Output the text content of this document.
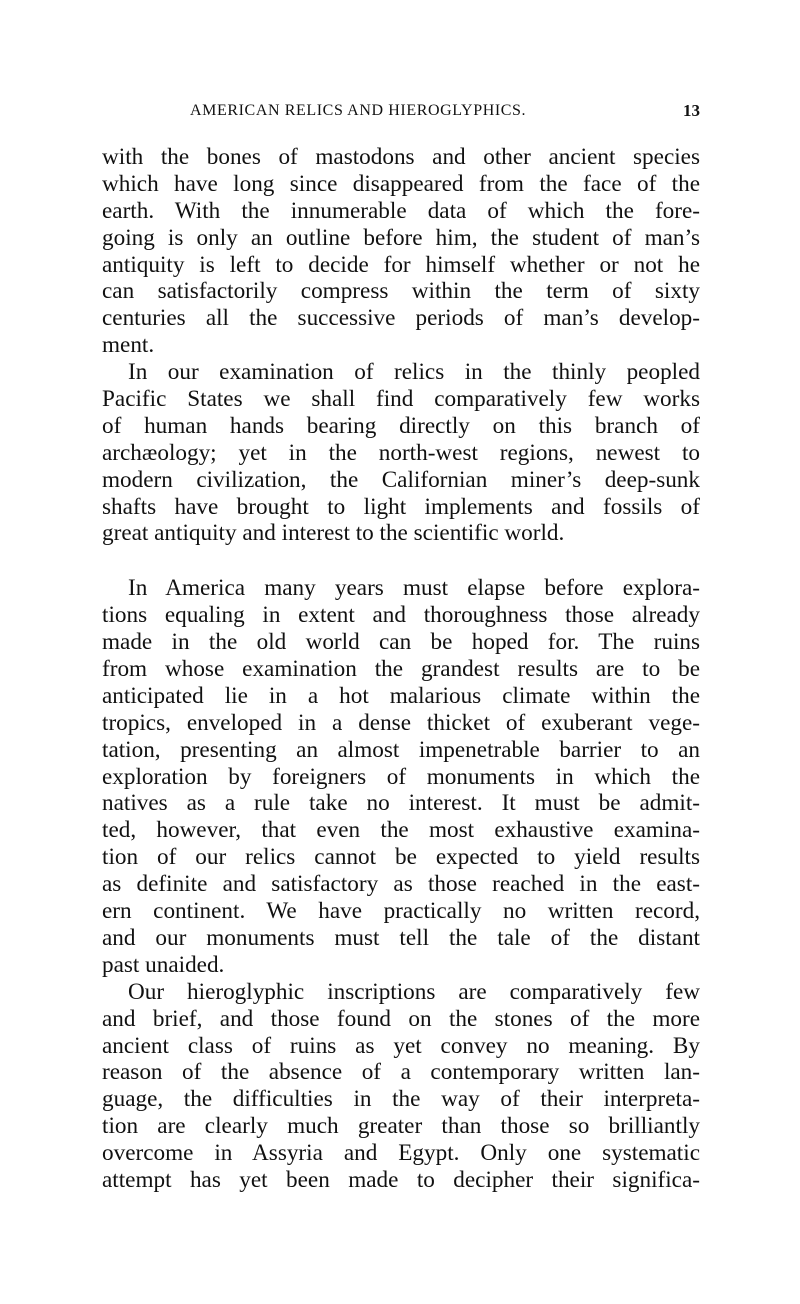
AMERICAN RELICS AND HIEROGLYPHICS.	13
with the bones of mastodons and other ancient species
which have long since disappeared from the face of the
earth. With the innumerable data of which the fore-
going is only an outline before him, the student of man’s
antiquity is left to decide for himself whether or not he
can satisfactorily compress within the term of sixty
centuries all the successive periods of man’s develop-
ment.
In our examination of relics in the thinly peopled
Pacific States we shall find comparatively few works
of human hands bearing directly on this branch of
archæology; yet in the north-west regions, newest to
modern civilization, the Californian miner’s deep-sunk
shafts have brought to light implements and fossils of
great antiquity and interest to the scientific world.
In America many years must elapse before explora-
tions equaling in extent and thoroughness those already
made in the old world can be hoped for. The ruins
from whose examination the grandest results are to be
anticipated lie in a hot malarious climate within the
tropics, enveloped in a dense thicket of exuberant vege-
tation, presenting an almost impenetrable barrier to an
exploration by foreigners of monuments in which the
natives as a rule take no interest. It must be admit-
ted, however, that even the most exhaustive examina-
tion of our relics cannot be expected to yield results
as definite and satisfactory as those reached in the east-
ern continent. We have practically no written record,
and our monuments must tell the tale of the distant
past unaided.
Our hieroglyphic inscriptions are comparatively few
and brief, and those found on the stones of the more
ancient class of ruins as yet convey no meaning. By
reason of the absence of a contemporary written lan-
guage, the difficulties in the way of their interpreta-
tion are clearly much greater than those so brilliantly
overcome in Assyria and Egypt. Only one systematic
attempt has yet been made to decipher their significa-
